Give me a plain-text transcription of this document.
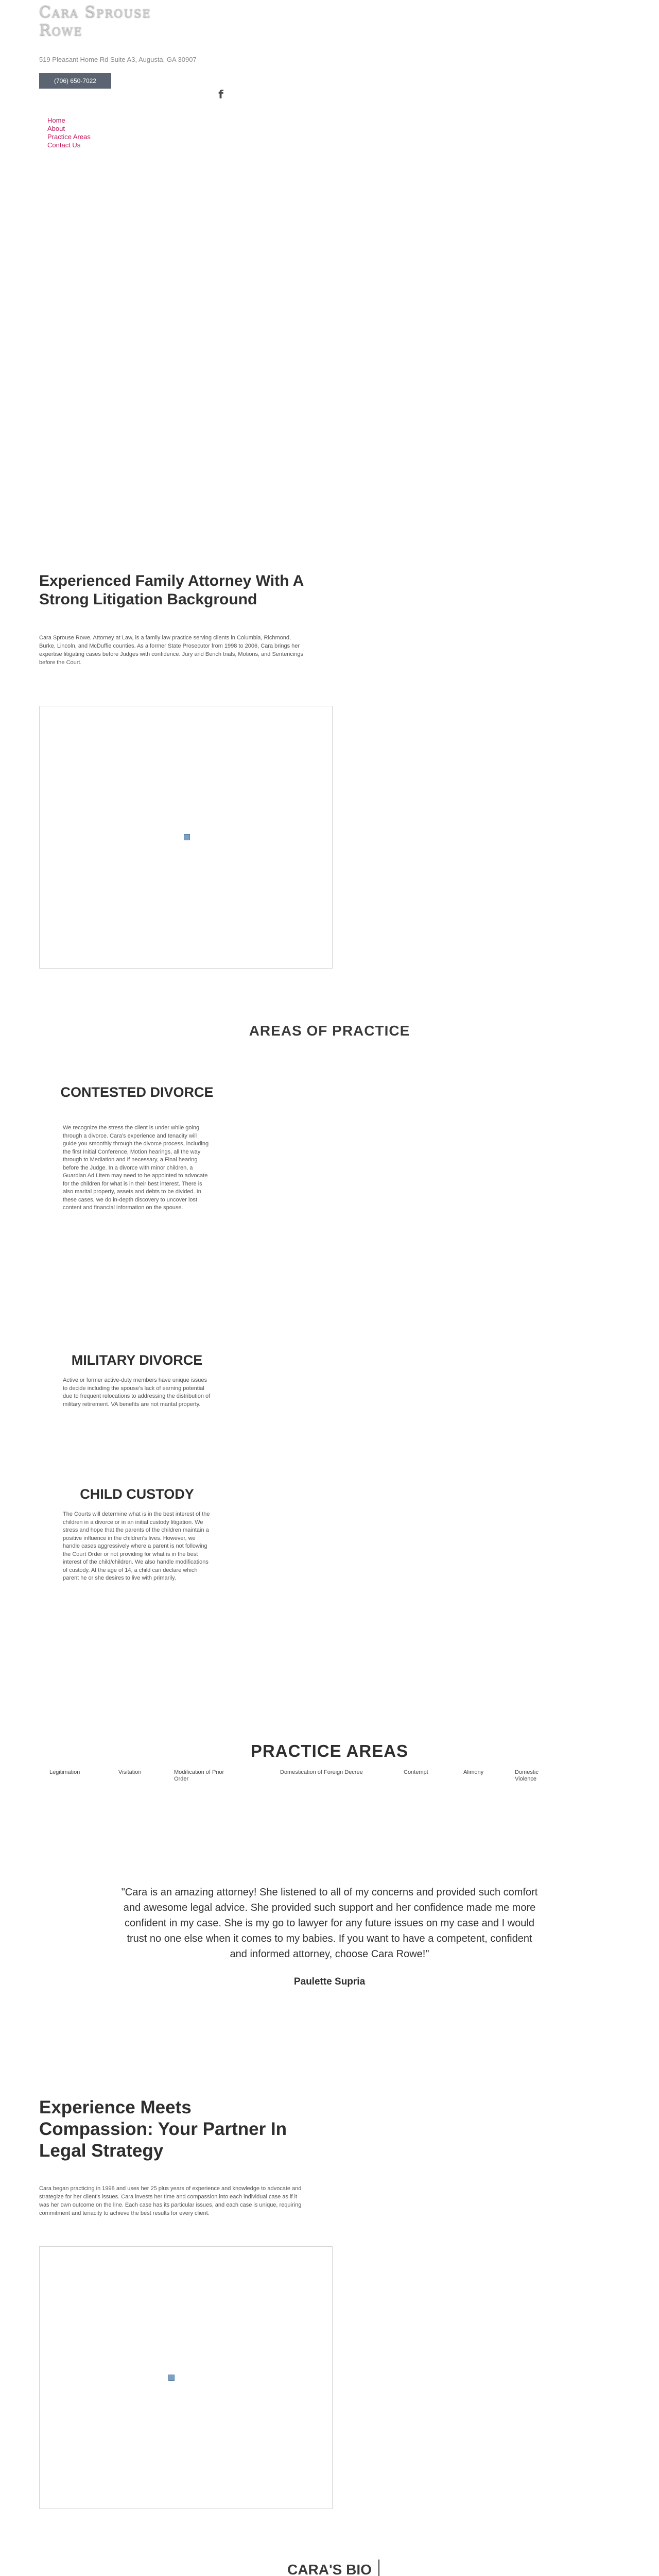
Cara Sprouse Rowe
519 Pleasant Home Rd Suite A3, Augusta, GA 30907
(706) 650-7022
f
Home
About
Practice Areas
Contact Us
Experienced Family Attorney With A Strong Litigation Background

Cara Sprouse Rowe, Attorney at Law, is a family law practice serving clients in Columbia, Richmond, Burke, Lincoln, and McDuffie counties. As a former State Prosecutor from 1998 to 2006, Cara brings her expertise litigating cases before Judges with confidence. Jury and Bench trials, Motions, and Sentencings before the Court.

AREAS OF PRACTICE
CONTESTED DIVORCE

We recognize the stress the client is under while going through a divorce. Cara's experience and tenacity will guide you smoothly through the divorce process, including the first Initial Conference, Motion hearings, all the way through to Mediation and if necessary, a Final hearing before the Judge. In a divorce with minor children, a Guardian Ad Litem may need to be appointed to advocate for the children for what is in their best interest. There is also marital property, assets and debts to be divided. In these cases, we do in-depth discovery to uncover lost content and financial information on the spouse.

MILITARY DIVORCE

Active or former active-duty members have unique issues to decide including the spouse's lack of earning potential due to frequent relocations to addressing the distribution of military retirement. VA benefits are not marital property.

CHILD CUSTODY

The Courts will determine what is in the best interest of the children in a divorce or in an initial custody litigation. We stress and hope that the parents of the children maintain a positive influence in the children's lives. However, we handle cases aggressively where a parent is not following the Court Order or not providing for what is in the best interest of the child/children. We also handle modifications of custody. At the age of 14, a child can declare which parent he or she desires to live with primarily.

PRACTICE AREAS
Legitimation	Visitation	Modification of Prior Order
Domestication of Foreign Decree	Contempt	Alimony	Domestic Violence

"Cara is an amazing attorney! She listened to all of my concerns and provided such comfort and awesome legal advice. She provided such support and her confidence made me more confident in my case. She is my go to lawyer for any future issues on my case and I would trust no one else when it comes to my babies. If you want to have a competent, confident and informed attorney, choose Cara Rowe!"

Paulette Supria
Experience Meets Compassion: Your Partner In Legal Strategy

Cara began practicing in 1998 and uses her 25 plus years of experience and knowledge to advocate and strategize for her client's issues. Cara invests her time and compassion into each individual case as if it was her own outcome on the line. Each case has its particular issues, and each case is unique, requiring commitment and tenacity to achieve the best results for every client.

CARA'S BIO
